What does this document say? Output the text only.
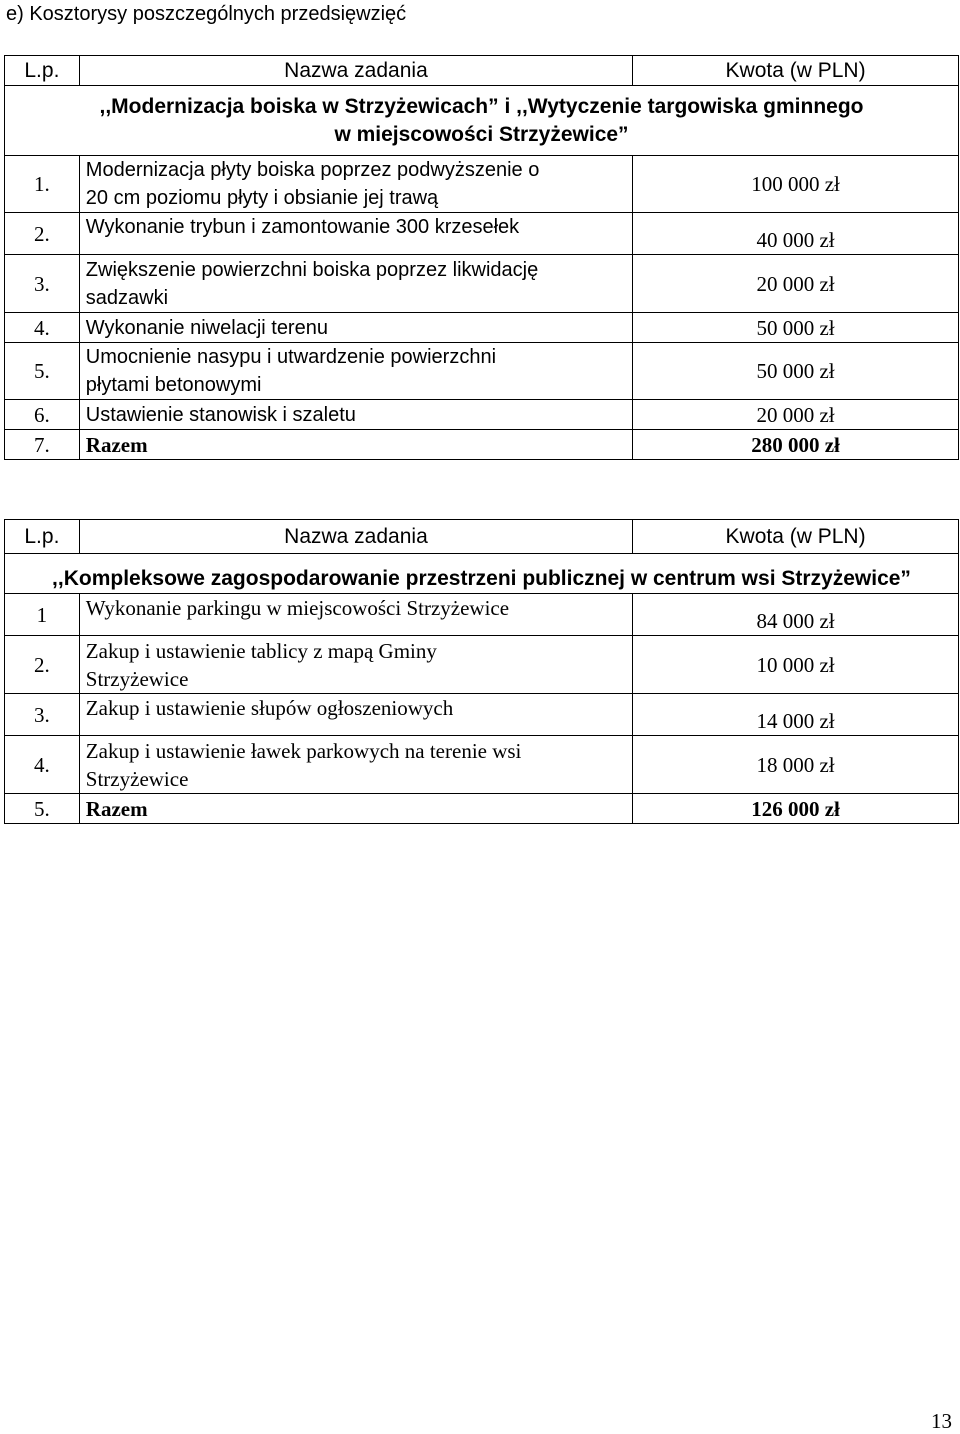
e) Kosztorysy poszczególnych przedsięwzięć
L.p.	Nazwa zadania	Kwota (w PLN)

,,Modernizacja boiska w Strzyżewicach” i ,,Wytyczenie targowiska gminnego
w miejscowości Strzyżewice”		

1.	Modernizacja płyty boiska poprzez podwyższenie o
20 cm poziomu płyty i obsianie jej trawą	100 000 zł
2.	Wykonanie trybun i zamontowanie 300 krzesełek	40 000 zł
3.	Zwiększenie powierzchni boiska poprzez likwidację
sadzawki	20 000 zł
4.	Wykonanie niwelacji terenu	50 000 zł
5.	Umocnienie nasypu i utwardzenie powierzchni
płytami betonowymi	50 000 zł
6.	Ustawienie stanowisk i szaletu	20 000 zł
7.	Razem	280 000 zł
L.p.	Nazwa zadania	Kwota (w PLN)
,,Kompleksowe zagospodarowanie przestrzeni publicznej w centrum wsi Strzyżewice”		
1	Wykonanie parkingu w miejscowości Strzyżewice	84 000 zł
2.	Zakup i ustawienie tablicy z mapą Gminy
Strzyżewice	10 000 zł
3.	Zakup i ustawienie słupów ogłoszeniowych	14 000 zł
4.	Zakup i ustawienie ławek parkowych na terenie wsi
Strzyżewice	18 000 zł
5.	Razem	126 000 zł
13
